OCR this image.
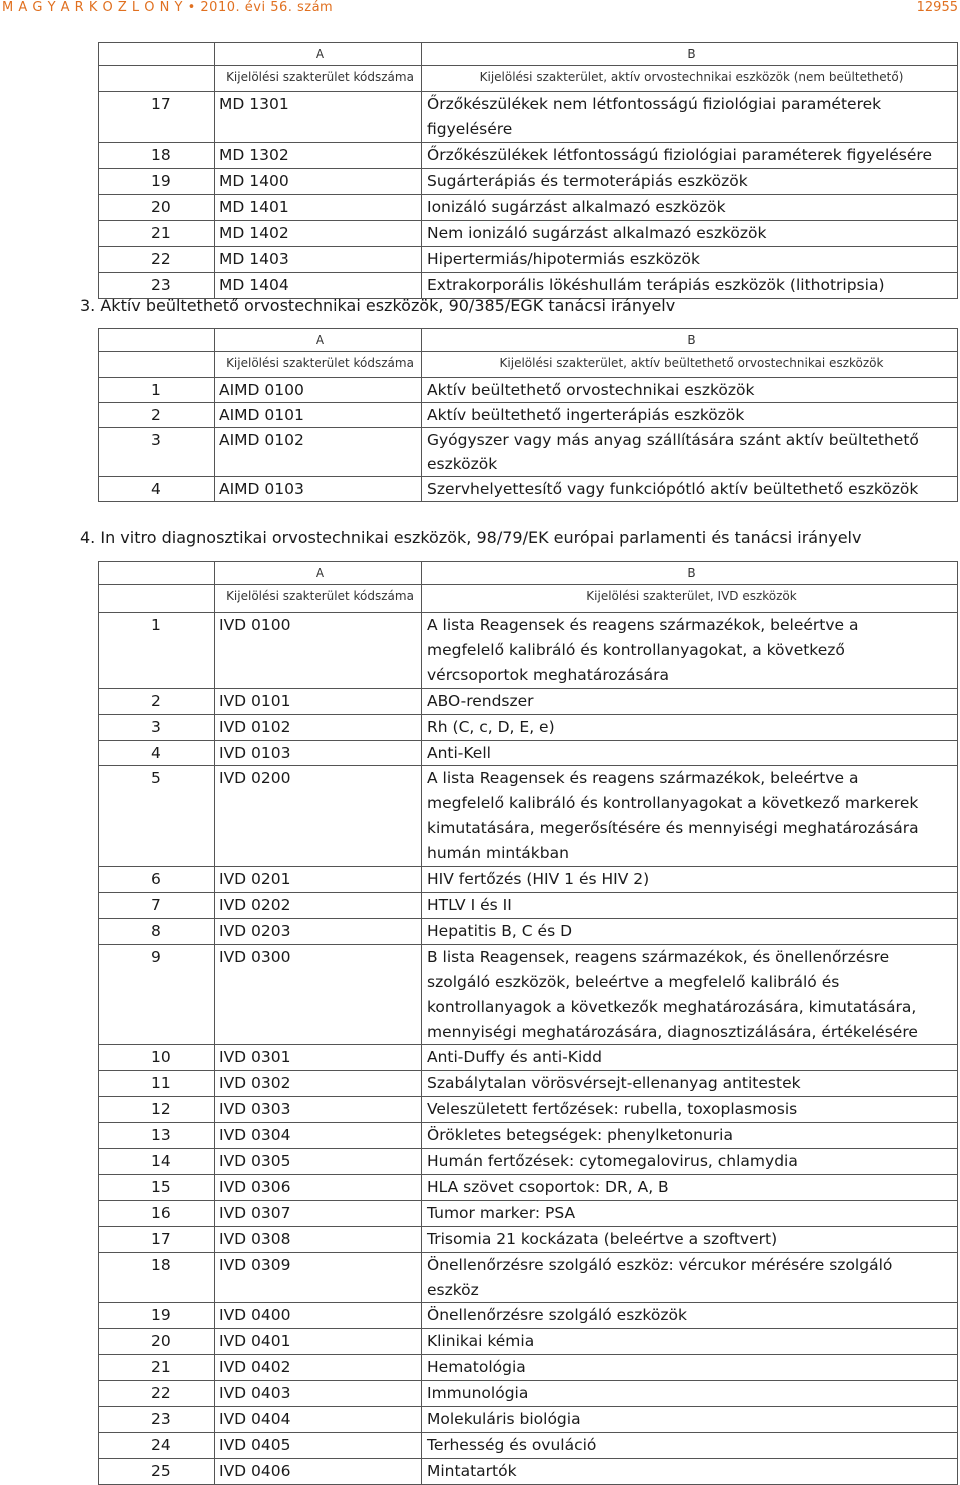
M A G Y A R K Ö Z L Ö N Y • 2010. évi 56. szám	12955
	A	B
	Kijelölési szakterület kódszáma	Kijelölési szakterület, aktív orvostechnikai eszközök (nem beültethető)
17	MD 1301	Őrzőkészülékek nem létfontosságú fiziológiai paraméterek figyelésére
18	MD 1302	Őrzőkészülékek létfontosságú fiziológiai paraméterek figyelésére
19	MD 1400	Sugárterápiás és termoterápiás eszközök
20	MD 1401	Ionizáló sugárzást alkalmazó eszközök
21	MD 1402	Nem ionizáló sugárzást alkalmazó eszközök
22	MD 1403	Hipertermiás/hipotermiás eszközök
23	MD 1404	Extrakorporális lökéshullám terápiás eszközök (lithotripsia)
3. Aktív beültethető orvostechnikai eszközök, 90/385/EGK tanácsi irányelv
	A	B
	Kijelölési szakterület kódszáma	Kijelölési szakterület, aktív beültethető orvostechnikai eszközök
1	AIMD 0100	Aktív beültethető orvostechnikai eszközök
2	AIMD 0101	Aktív beültethető ingerterápiás eszközök
3	AIMD 0102	Gyógyszer vagy más anyag szállítására szánt aktív beültethető eszközök
4	AIMD 0103	Szervhelyettesítő vagy funkciópótló aktív beültethető eszközök
4. In vitro diagnosztikai orvostechnikai eszközök, 98/79/EK európai parlamenti és tanácsi irányelv
	A	B
	Kijelölési szakterület kódszáma	Kijelölési szakterület, IVD eszközök
1	IVD 0100	A lista Reagensek és reagens származékok, beleértve a megfelelő kalibráló és kontrollanyagokat, a következő vércsoportok meghatározására
2	IVD 0101	ABO-rendszer
3	IVD 0102	Rh (C, c, D, E, e)
4	IVD 0103	Anti-Kell
5	IVD 0200	A lista Reagensek és reagens származékok, beleértve a megfelelő kalibráló és kontrollanyagokat a következő markerek kimutatására, megerősítésére és mennyiségi meghatározására humán mintákban
6	IVD 0201	HIV fertőzés (HIV 1 és HIV 2)
7	IVD 0202	HTLV I és II
8	IVD 0203	Hepatitis B, C és D
9	IVD 0300	B lista Reagensek, reagens származékok, és önellenőrzésre szolgáló eszközök, beleértve a megfelelő kalibráló és kontrollanyagok a következők meghatározására, kimutatására, mennyiségi meghatározására, diagnosztizálására, értékelésére
10	IVD 0301	Anti-Duffy és anti-Kidd
11	IVD 0302	Szabálytalan vörösvérsejt-ellenanyag antitestek
12	IVD 0303	Veleszületett fertőzések: rubella, toxoplasmosis
13	IVD 0304	Örökletes betegségek: phenylketonuria
14	IVD 0305	Humán fertőzések: cytomegalovirus, chlamydia
15	IVD 0306	HLA szövet csoportok: DR, A, B
16	IVD 0307	Tumor marker: PSA
17	IVD 0308	Trisomia 21 kockázata (beleértve a szoftvert)
18	IVD 0309	Önellenőrzésre szolgáló eszköz: vércukor mérésére szolgáló eszköz
19	IVD 0400	Önellenőrzésre szolgáló eszközök
20	IVD 0401	Klinikai kémia
21	IVD 0402	Hematológia
22	IVD 0403	Immunológia
23	IVD 0404	Molekuláris biológia
24	IVD 0405	Terhesség és ovuláció
25	IVD 0406	Mintatartók
